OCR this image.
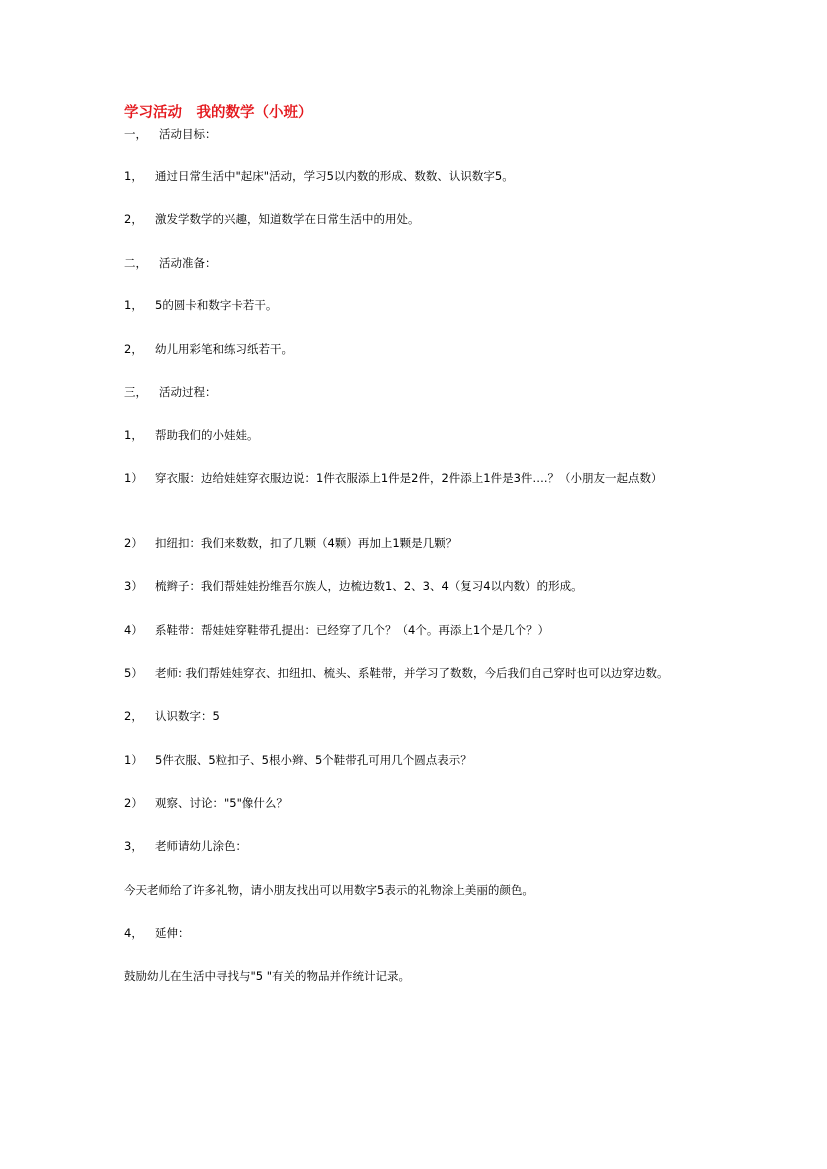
学习活动　我的数学（小班）
一， 活动目标：
1， 通过日常生活中"起床"活动，学习5以内数的形成、数数、认识数字5。
2， 激发学数学的兴趣，知道数学在日常生活中的用处。
二， 活动准备：
1， 5的圆卡和数字卡若干。
2， 幼儿用彩笔和练习纸若干。
三， 活动过程：
1， 帮助我们的小娃娃。
1） 穿衣服：边给娃娃穿衣服边说：1件衣服添上1件是2件，2件添上1件是3件….？（小朋友一起点数）
2） 扣纽扣：我们来数数，扣了几颗（4颗）再加上1颗是几颗？
3） 梳辫子：我们帮娃娃扮维吾尔族人，边梳边数1、2、3、4（复习4以内数）的形成。
4） 系鞋带：帮娃娃穿鞋带孔提出：已经穿了几个？（4个。再添上1个是几个？）
5） 老师: 我们帮娃娃穿衣、扣纽扣、梳头、系鞋带，并学习了数数，今后我们自己穿时也可以边穿边数。
2， 认识数字：5
1） 5件衣服、5粒扣子、5根小辫、5个鞋带孔可用几个圆点表示？
2） 观察、讨论："5"像什么？
3， 老师请幼儿涂色：
今天老师给了许多礼物，请小朋友找出可以用数字5表示的礼物涂上美丽的颜色。
4， 延伸：
鼓励幼儿在生活中寻找与"5 "有关的物品并作统计记录。
